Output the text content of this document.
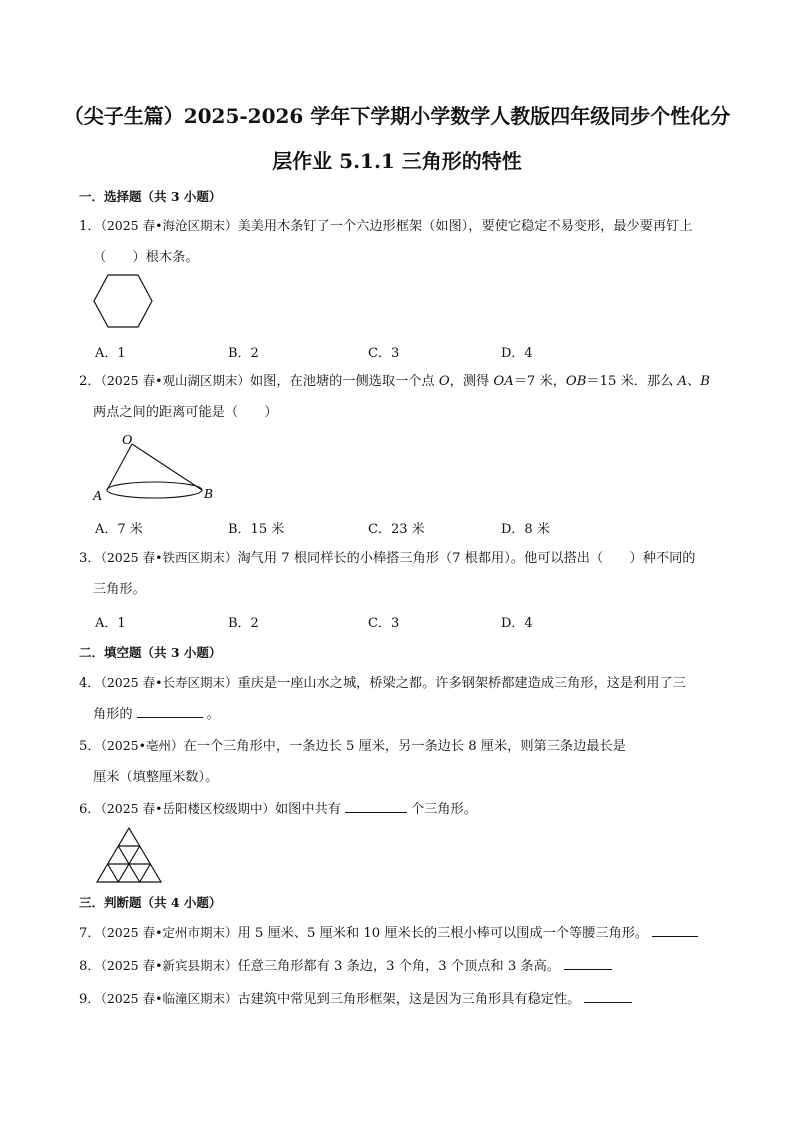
（尖子生篇）2025-2026 学年下学期小学数学人教版四年级同步个性化分
层作业 5.1.1 三角形的特性
一．选择题（共 3 小题）
1．（2025 春•海沧区期末）美美用木条钉了一个六边形框架（如图），要使它稳定不易变形，最少要再钉上
（　　）根木条。
A．1	B．2	C．3	D．4
2．（2025 春•观山湖区期末）如图，在池塘的一侧选取一个点 O，测得 OA＝7 米，OB＝15 米．那么 A、B
两点之间的距离可能是（　　）
O
A	B
A．7 米	B．15 米	C．23 米	D．8 米
3．（2025 春•铁西区期末）淘气用 7 根同样长的小棒搭三角形（7 根都用）。他可以搭出（　　）种不同的
三角形。
A．1	B．2	C．3	D．4
二．填空题（共 3 小题）
4．（2025 春•长寿区期末）重庆是一座山水之城，桥梁之都。许多钢架桥都建造成三角形，这是利用了三
角形的	。
5．（2025•亳州）在一个三角形中，一条边长 5 厘米，另一条边长 8 厘米，则第三条边最长是
厘米（填整厘米数）。
6．（2025 春•岳阳楼区校级期中）如图中共有	个三角形。
三．判断题（共 4 小题）
7．（2025 春•定州市期末）用 5 厘米、5 厘米和 10 厘米长的三根小棒可以围成一个等腰三角形。
8．（2025 春•新宾县期末）任意三角形都有 3 条边，3 个角，3 个顶点和 3 条高。
9．（2025 春•临潼区期末）古建筑中常见到三角形框架，这是因为三角形具有稳定性。
